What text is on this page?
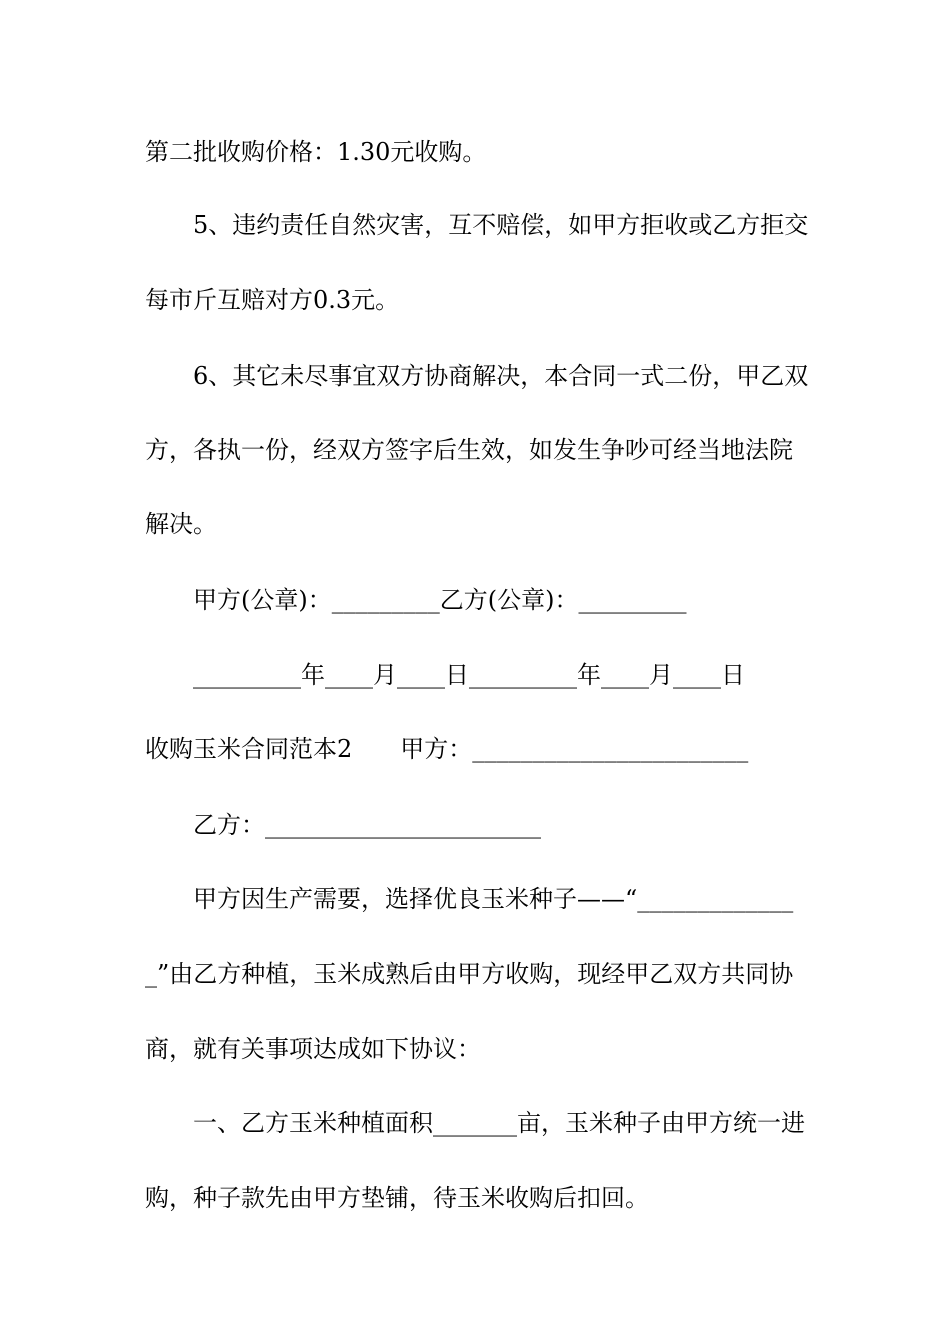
第二批收购价格：1.30元收购。
5、违约责任自然灾害，互不赔偿，如甲方拒收或乙方拒交
每市斤互赔对方0.3元。
6、其它未尽事宜双方协商解决，本合同一式二份，甲乙双
方，各执一份，经双方签字后生效，如发生争吵可经当地法院
解决。
甲方(公章)：_________乙方(公章)：_________
_________年____月____日_________年____月____日
收购玉米合同范本2　　甲方：_______________________
乙方：_______________________
甲方因生产需要，选择优良玉米种子——“_____________
_”由乙方种植，玉米成熟后由甲方收购，现经甲乙双方共同协
商，就有关事项达成如下协议：
一、乙方玉米种植面积_______亩，玉米种子由甲方统一进
购，种子款先由甲方垫铺，待玉米收购后扣回。
